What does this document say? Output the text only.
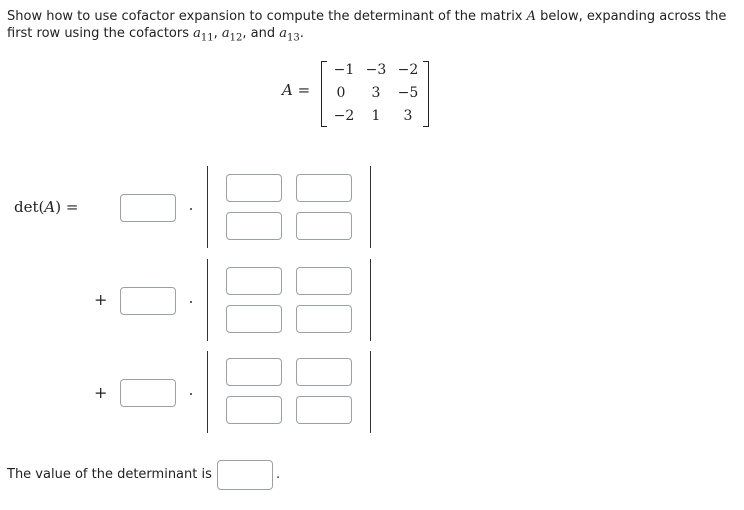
Show how to use cofactor expansion to compute the determinant of the matrix A below, expanding across the first row using the cofactors $a_{11}$, $a_{12}$, and $a_{13}$.
A =
−1 −3 −2
0	3	−5
−2	1	3
det(A) =
+
+
The value of the determinant is	.
